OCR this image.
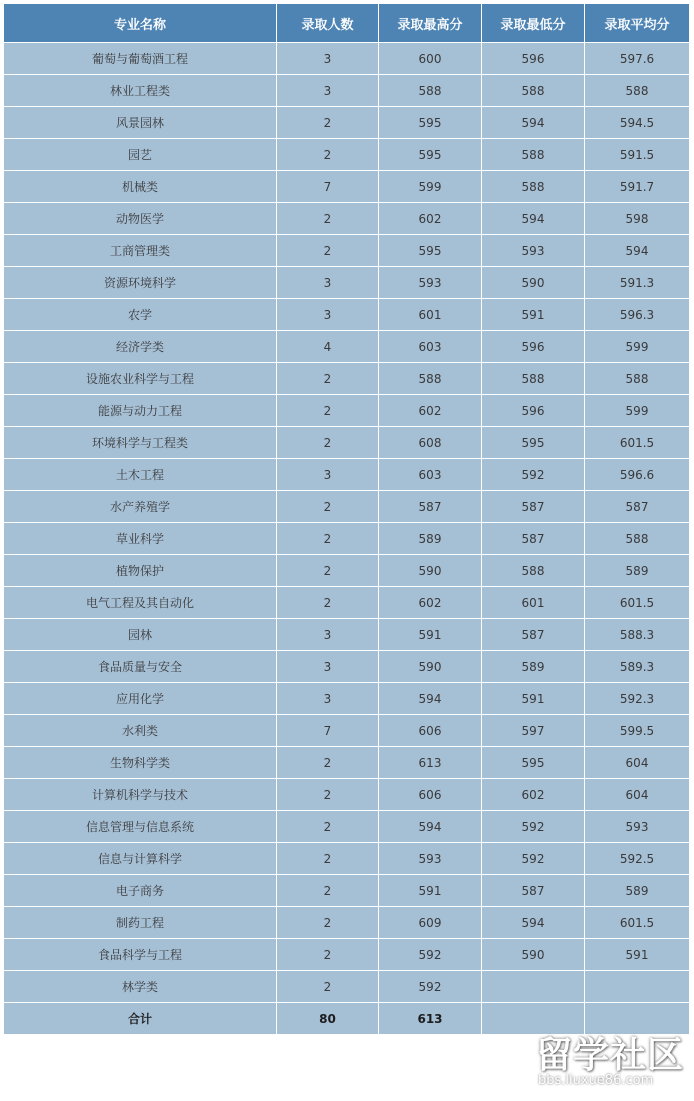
专业名称	录取人数	录取最高分	录取最低分	录取平均分
葡萄与葡萄酒工程	3	600	596	597.6
林业工程类	3	588	588	588
风景园林	2	595	594	594.5
园艺	2	595	588	591.5
机械类	7	599	588	591.7
动物医学	2	602	594	598
工商管理类	2	595	593	594
资源环境科学	3	593	590	591.3
农学	3	601	591	596.3
经济学类	4	603	596	599
设施农业科学与工程	2	588	588	588
能源与动力工程	2	602	596	599
环境科学与工程类	2	608	595	601.5
土木工程	3	603	592	596.6
水产养殖学	2	587	587	587
草业科学	2	589	587	588
植物保护	2	590	588	589
电气工程及其自动化	2	602	601	601.5
园林	3	591	587	588.3
食品质量与安全	3	590	589	589.3
应用化学	3	594	591	592.3
水利类	7	606	597	599.5
生物科学类	2	613	595	604
计算机科学与技术	2	606	602	604
信息管理与信息系统	2	594	592	593
信息与计算科学	2	593	592	592.5
电子商务	2	591	587	589
制药工程	2	609	594	601.5
食品科学与工程	2	592	590	591
林学类	2	592		
合计	80	613		
留学社区
bbs.liuxue86.com
